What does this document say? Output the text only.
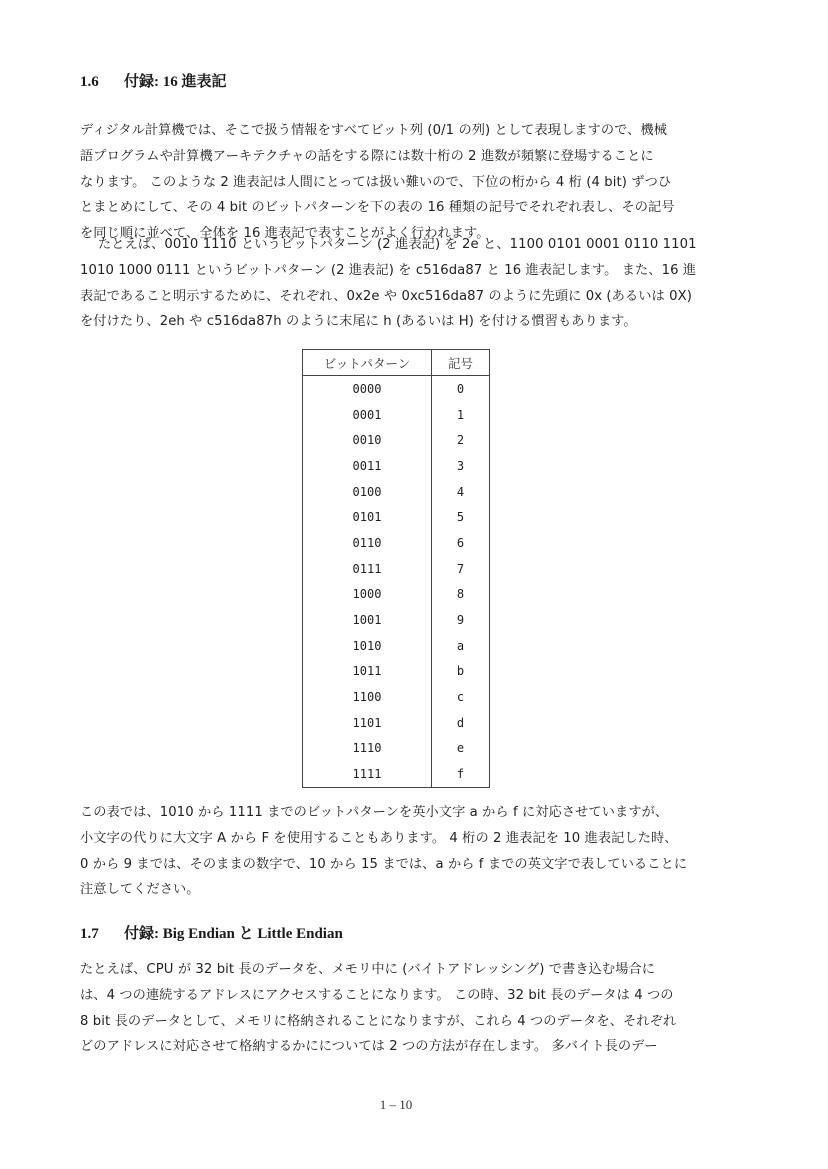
1.6 付録: 16 進表記
ディジタル計算機では、そこで扱う情報をすべてビット列 (0/1 の列) として表現しますので、機械
語プログラムや計算機アーキテクチャの話をする際には数十桁の 2 進数が頻繁に登場することに
なります。 このような 2 進表記は人間にとっては扱い難いので、下位の桁から 4 桁 (4 bit) ずつひ
とまとめにして、その 4 bit のビットパターンを下の表の 16 種類の記号でそれぞれ表し、その記号
を同じ順に並べて、全体を 16 進表記で表すことがよく行われます。
たとえば、0010 1110 というビットパターン (2 進表記) を 2e と、1100 0101 0001 0110 1101
1010 1000 0111 というビットパターン (2 進表記) を c516da87 と 16 進表記します。 また、16 進
表記であること明示するために、それぞれ、0x2e や 0xc516da87 のように先頭に 0x (あるいは 0X)
を付けたり、2eh や c516da87h のように末尾に h (あるいは H) を付ける慣習もあります。
ビットパターン	記号
0000	0
0001	1
0010	2
0011	3
0100	4
0101	5
0110	6
0111	7
1000	8
1001	9
1010	a
1011	b
1100	c
1101	d
1110	e
1111	f
この表では、1010 から 1111 までのビットパターンを英小文字 a から f に対応させていますが、
小文字の代りに大文字 A から F を使用することもあります。 4 桁の 2 進表記を 10 進表記した時、
0 から 9 までは、そのままの数字で、10 から 15 までは、a から f までの英文字で表していることに
注意してください。
1.7 付録: Big Endian と Little Endian
たとえば、CPU が 32 bit 長のデータを、メモリ中に (バイトアドレッシング) で書き込む場合に
は、4 つの連続するアドレスにアクセスすることになります。 この時、32 bit 長のデータは 4 つの
8 bit 長のデータとして、メモリに格納されることになりますが、これら 4 つのデータを、それぞれ
どのアドレスに対応させて格納するかにについては 2 つの方法が存在します。 多バイト長のデー
1 – 10
